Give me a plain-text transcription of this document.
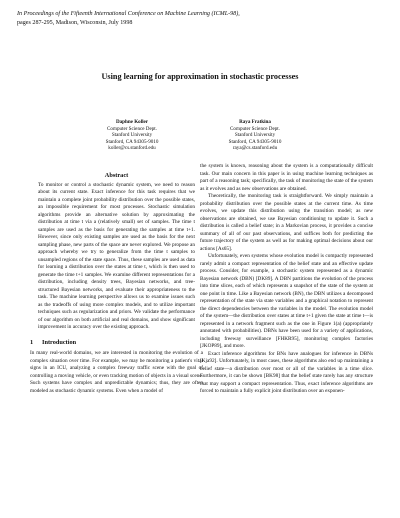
In Proceedings of the Fifteenth International Conference on Machine Learning (ICML-98),
pages 287-295, Madison, Wisconsin, July 1998
Using learning for approximation in stochastic processes
Daphne Koller
Computer Science Dept.
Stanford University
Stanford, CA 94305-9010
koller@cs.stanford.edu
Raya Fratkina
Computer Science Dept.
Stanford University
Stanford, CA 94305-9010
raya@cs.stanford.edu
Abstract

To monitor or control a stochastic dynamic system, we need to reason about its current state. Exact inference for this task requires that we maintain a complete joint probability distribution over the possible states, an impossible requirement for most processes. Stochastic simulation algorithms provide an alternative solution by approximating the distribution at time t via a (relatively small) set of samples. The time t samples are used as the basis for generating the samples at time t+1. However, since only existing samples are used as the basis for the next sampling phase, new parts of the space are never explored. We propose an approach whereby we try to generalize from the time t samples to unsampled regions of the state space. Thus, these samples are used as data for learning a distribution over the states at time t, which is then used to generate the time t+1 samples. We examine different representations for a distribution, including density trees, Bayesian networks, and tree-structured Bayesian networks, and evaluate their appropriateness to the task. The machine learning perspective allows us to examine issues such as the tradeoffs of using more complex models, and to utilize important techniques such as regularization and priors. We validate the performance of our algorithm on both artificial and real domains, and show significant improvement in accuracy over the existing approach.

1 Introduction

In many real-world domains, we are interested in monitoring the evolution of a complex situation over time. For example, we may be monitoring a patient's vital signs in an ICU, analyzing a complex freeway traffic scene with the goal of controlling a moving vehicle, or even tracking motion of objects in a visual scene. Such systems have complex and unpredictable dynamics; thus, they are often modeled as stochastic dynamic systems. Even when a model of

the system is known, reasoning about the system is a computationally difficult task. Our main concern in this paper is in using machine learning techniques as part of a reasoning task; specifically, the task of monitoring the state of the system as it evolves and as new observations are obtained.

Theoretically, the monitoring task is straightforward. We simply maintain a probability distribution over the possible states at the current time. As time evolves, we update this distribution using the transition model; as new observations are obtained, we use Bayesian conditioning to update it. Such a distribution is called a belief state; in a Markovian process, it provides a concise summary of all of our past observations, and suffices both for predicting the future trajectory of the system as well as for making optimal decisions about our actions [As65].

Unfortunately, even systems whose evolution model is compactly represented rarely admit a compact representation of the belief state and an effective update process. Consider, for example, a stochastic system represented as a dynamic Bayesian network (DBN) [DK89]. A DBN partitions the evolution of the process into time slices, each of which represents a snapshot of the state of the system at one point in time. Like a Bayesian network (BN), the DBN utilizes a decomposed representation of the state via state variables and a graphical notation to represent the direct dependencies between the variables in the model. The evolution model of the system—the distribution over states at time t+1 given the state at time t—is represented in a network fragment such as the one in Figure 1(a) (appropriately annotated with probabilities). DBNs have been used for a variety of applications, including freeway surveillance [FHKR95], monitoring complex factories [JKOP89], and more.

Exact inference algorithms for BNs have analogues for inference in DBNs [Kja92]. Unfortunately, in most cases, these algorithms also end up maintaining a belief state—a distribution over most or all of the variables in a time slice. Furthermore, it can be shown [BK98] that the belief state rarely has any structure that may support a compact representation. Thus, exact inference algorithms are forced to maintain a fully explicit joint distribution over an exponen-
